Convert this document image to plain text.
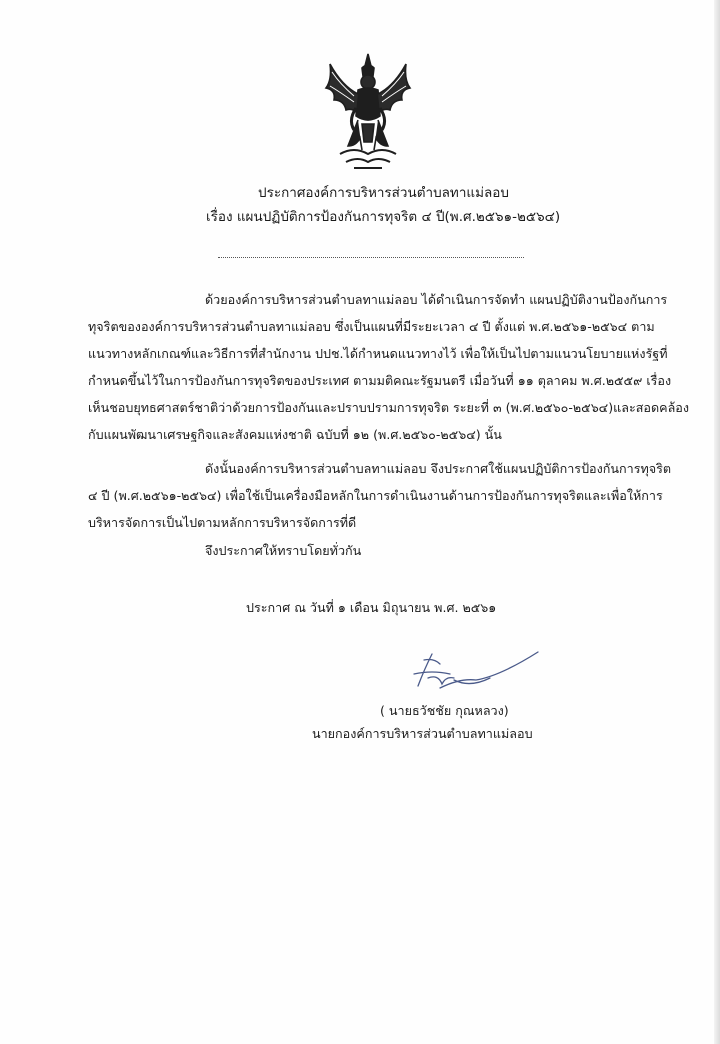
ประกาศองค์การบริหารส่วนตำบลทาแม่ลอบ
เรื่อง แผนปฏิบัติการป้องกันการทุจริต ๔ ปี(พ.ศ.๒๕๖๑-๒๕๖๔)
ด้วยองค์การบริหารส่วนตำบลทาแม่ลอบ ได้ดำเนินการจัดทำ แผนปฏิบัติงานป้องกันการ
ทุจริตขององค์การบริหารส่วนตำบลทาแม่ลอบ ซึ่งเป็นแผนที่มีระยะเวลา ๔ ปี ตั้งแต่ พ.ศ.๒๕๖๑-๒๕๖๔ ตาม
แนวทางหลักเกณฑ์และวิธีการที่สำนักงาน ปปช.ได้กำหนดแนวทางไว้ เพื่อให้เป็นไปตามแนวนโยบายแห่งรัฐที่
กำหนดขึ้นไว้ในการป้องกันการทุจริตของประเทศ ตามมติคณะรัฐมนตรี เมื่อวันที่ ๑๑ ตุลาคม พ.ศ.๒๕๕๙ เรื่อง
เห็นชอบยุทธศาสตร์ชาติว่าด้วยการป้องกันและปราบปรามการทุจริต ระยะที่ ๓ (พ.ศ.๒๕๖๐-๒๕๖๔)และสอดคล้อง
กับแผนพัฒนาเศรษฐกิจและสังคมแห่งชาติ ฉบับที่ ๑๒ (พ.ศ.๒๕๖๐-๒๕๖๔) นั้น
ดังนั้นองค์การบริหารส่วนตำบลทาแม่ลอบ จึงประกาศใช้แผนปฏิบัติการป้องกันการทุจริต
๔ ปี (พ.ศ.๒๕๖๑-๒๕๖๔) เพื่อใช้เป็นเครื่องมือหลักในการดำเนินงานด้านการป้องกันการทุจริตและเพื่อให้การ
บริหารจัดการเป็นไปตามหลักการบริหารจัดการที่ดี
จึงประกาศให้ทราบโดยทั่วกัน
ประกาศ ณ วันที่ ๑ เดือน มิถุนายน พ.ศ. ๒๕๖๑
( นายธวัชชัย กุณหลวง)
นายกองค์การบริหารส่วนตำบลทาแม่ลอบ
